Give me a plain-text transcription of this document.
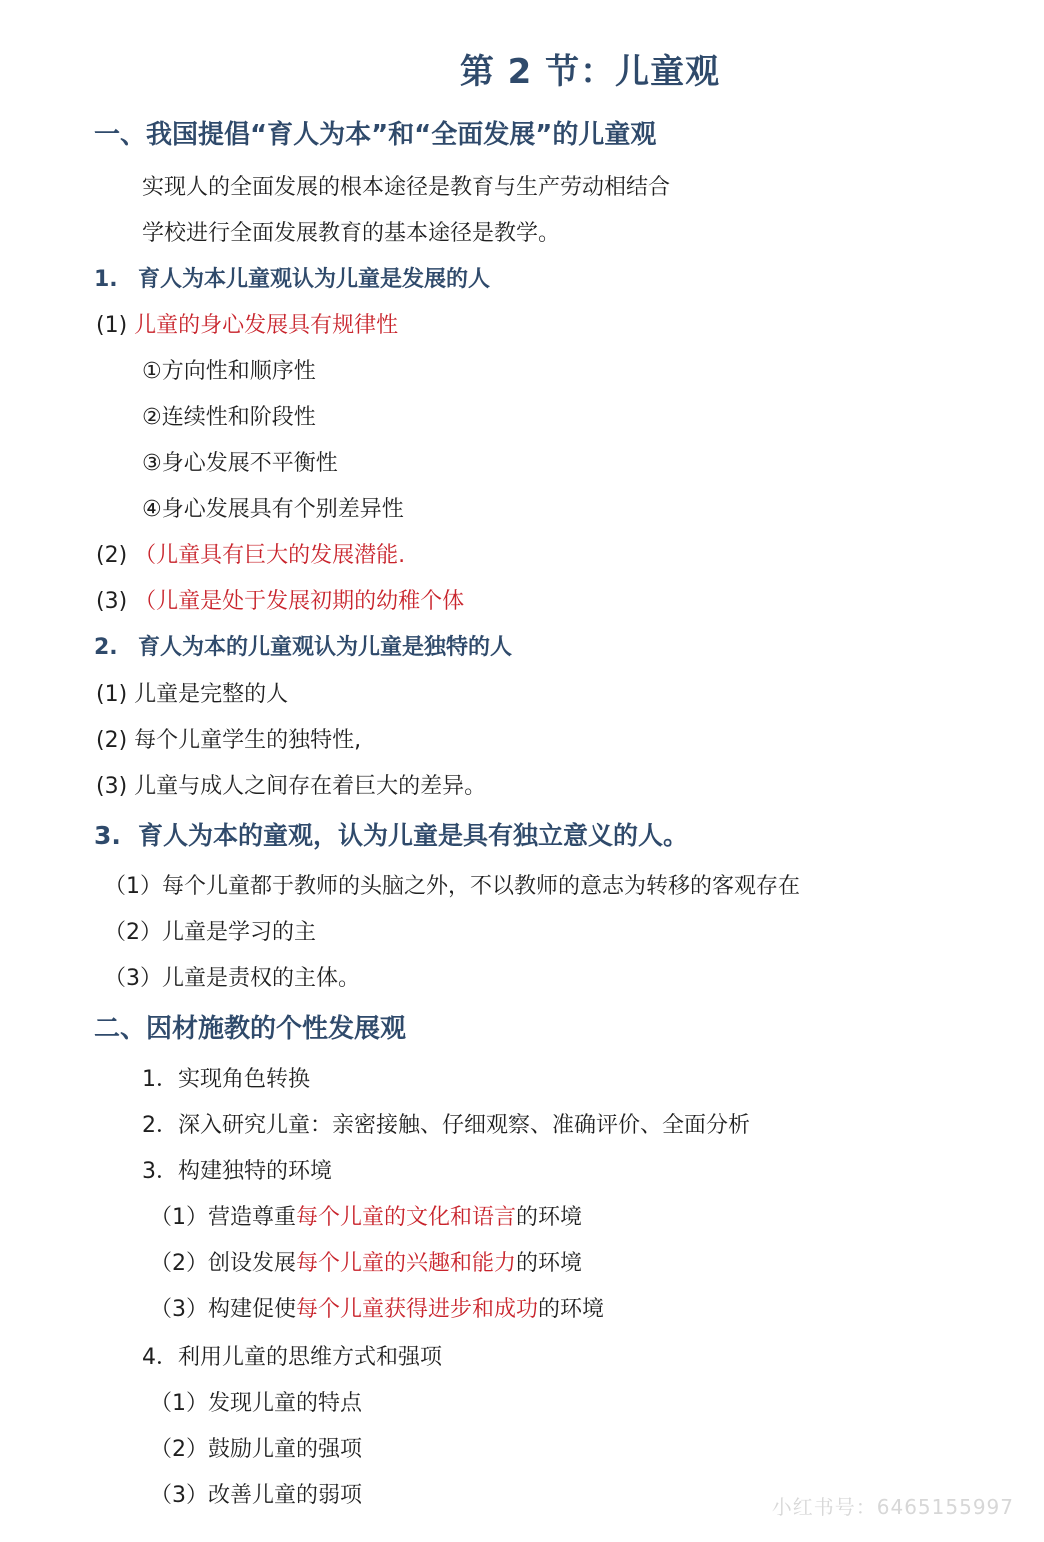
第 2 节：儿童观
一、我国提倡“育人为本”和“全面发展”的儿童观
实现人的全面发展的根本途径是教育与生产劳动相结合
学校进行全面发展教育的基本途径是教学。
1. 育人为本儿童观认为儿童是发展的人
(1) 儿童的身心发展具有规律性
①方向性和顺序性
②连续性和阶段性
③身心发展不平衡性
④身心发展具有个别差异性
(2) （儿童具有巨大的发展潜能.
(3) （儿童是处于发展初期的幼稚个体
2. 育人为本的儿童观认为儿童是独特的人
(1) 儿童是完整的人
(2) 每个儿童学生的独特性,
(3) 儿童与成人之间存在着巨大的差异。
3. 育人为本的童观，认为儿童是具有独立意义的人。
（1）每个儿童都于教师的头脑之外，不以教师的意志为转移的客观存在
（2）儿童是学习的主
（3）儿童是责权的主体。
二、因材施教的个性发展观
1．实现角色转换
2．深入研究儿童：亲密接触、仔细观察、准确评价、全面分析
3．构建独特的环境
（1）营造尊重每个儿童的文化和语言的环境
（2）创设发展每个儿童的兴趣和能力的环境
（3）构建促使每个儿童获得进步和成功的环境
4．利用儿童的思维方式和强项
（1）发现儿童的特点
（2）鼓励儿童的强项
（3）改善儿童的弱项	小红书号：6465155997
